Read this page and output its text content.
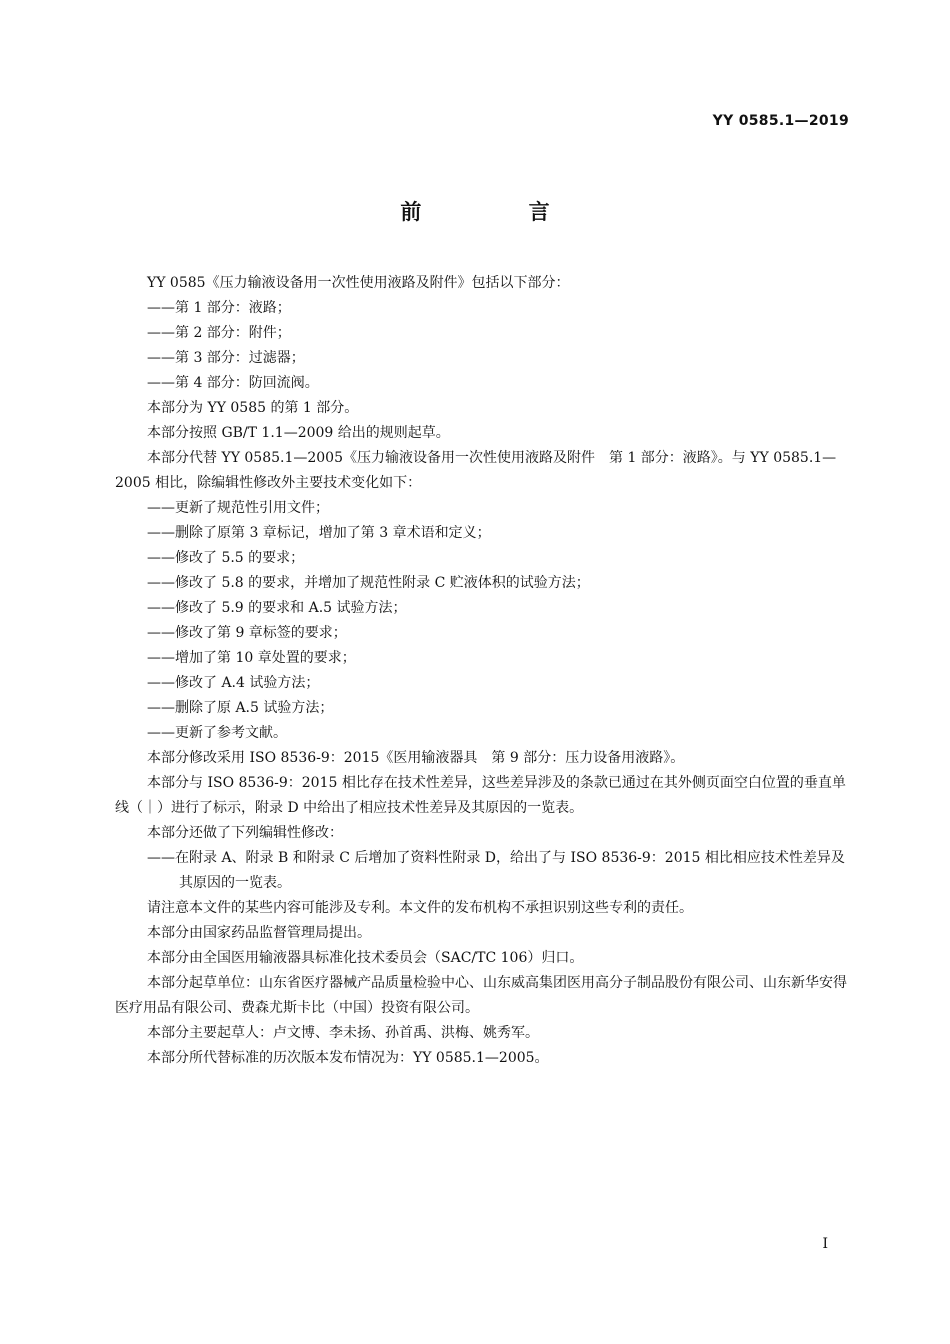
YY 0585.1—2019
前 言

YY 0585《压力输液设备用一次性使用液路及附件》包括以下部分：

——第 1 部分：液路；

——第 2 部分：附件；

——第 3 部分：过滤器；

——第 4 部分：防回流阀。

本部分为 YY 0585 的第 1 部分。

本部分按照 GB/T 1.1—2009 给出的规则起草。

本部分代替 YY 0585.1—2005《压力输液设备用一次性使用液路及附件　第 1 部分：液路》。与 YY 0585.1—2005 相比，除编辑性修改外主要技术变化如下：

——更新了规范性引用文件；

——删除了原第 3 章标记，增加了第 3 章术语和定义；

——修改了 5.5 的要求；

——修改了 5.8 的要求，并增加了规范性附录 C 贮液体积的试验方法；

——修改了 5.9 的要求和 A.5 试验方法；

——修改了第 9 章标签的要求；

——增加了第 10 章处置的要求；

——修改了 A.4 试验方法；

——删除了原 A.5 试验方法；

——更新了参考文献。

本部分修改采用 ISO 8536-9：2015《医用输液器具　第 9 部分：压力设备用液路》。

本部分与 ISO 8536-9：2015 相比存在技术性差异，这些差异涉及的条款已通过在其外侧页面空白位置的垂直单线（｜）进行了标示，附录 D 中给出了相应技术性差异及其原因的一览表。

本部分还做了下列编辑性修改：

——在附录 A、附录 B 和附录 C 后增加了资料性附录 D，给出了与 ISO 8536-9：2015 相比相应技术性差异及其原因的一览表。

请注意本文件的某些内容可能涉及专利。本文件的发布机构不承担识别这些专利的责任。

本部分由国家药品监督管理局提出。

本部分由全国医用输液器具标准化技术委员会（SAC/TC 106）归口。

本部分起草单位：山东省医疗器械产品质量检验中心、山东威高集团医用高分子制品股份有限公司、山东新华安得医疗用品有限公司、费森尤斯卡比（中国）投资有限公司。

本部分主要起草人：卢文博、李未扬、孙首禹、洪梅、姚秀军。

本部分所代替标准的历次版本发布情况为：YY 0585.1—2005。

I
